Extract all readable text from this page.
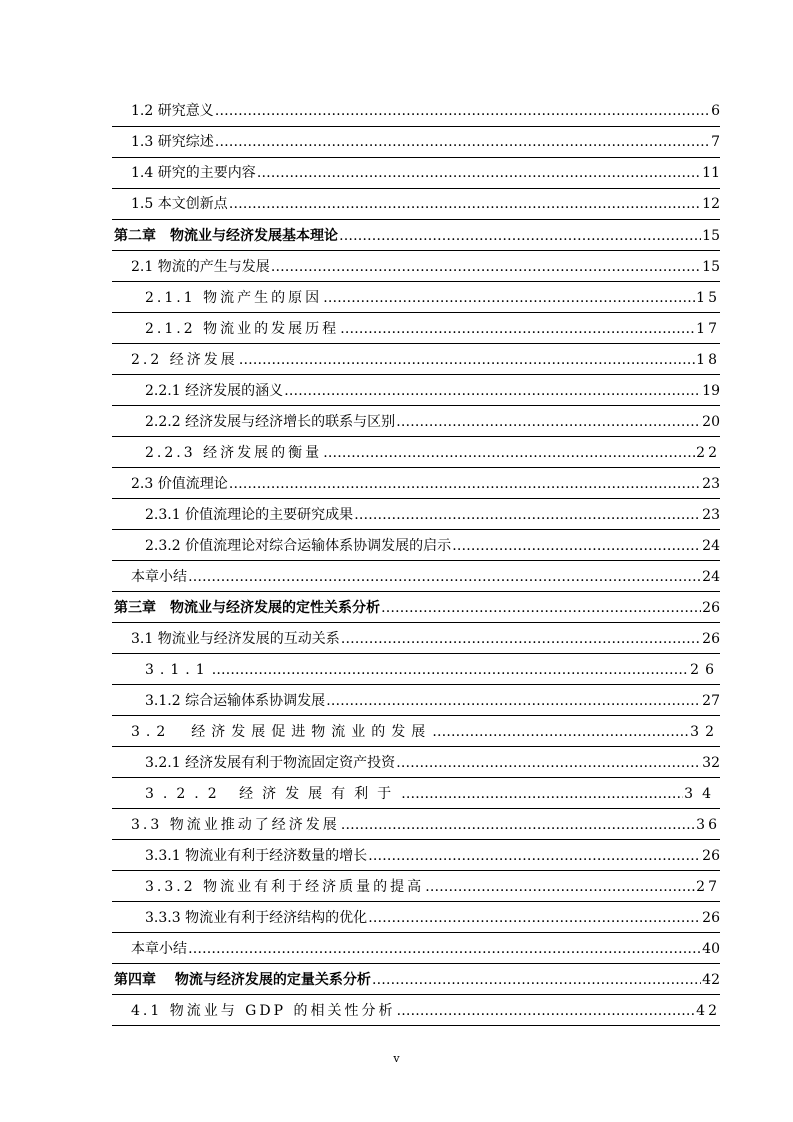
1.2 研究意义 ……………………………………………………………………………………………………………………………………………………………………………………………	6
1.3 研究综述 ……………………………………………………………………………………………………………………………………………………………………………………………	7
1.4 研究的主要内容 ……………………………………………………………………………………………………………………………………………………………………………………………	11
1.5 本文创新点 ……………………………………………………………………………………………………………………………………………………………………………………………	12
第二章　物流业与经济发展基本理论 ……………………………………………………………………………………………………………………………………………………………………………………………	15
2.1 物流的产生与发展 ……………………………………………………………………………………………………………………………………………………………………………………………	15
2.1.1 物流产生的原因 ……………………………………………………………………………………………………………………………………………………………………………………………	15
2.1.2 物流业的发展历程 ……………………………………………………………………………………………………………………………………………………………………………………………	17
2.2 经济发展 ……………………………………………………………………………………………………………………………………………………………………………………………	18
2.2.1 经济发展的涵义 ……………………………………………………………………………………………………………………………………………………………………………………………	19
2.2.2 经济发展与经济增长的联系与区别 ……………………………………………………………………………………………………………………………………………………………………………………………	20
2.2.3 经济发展的衡量 ……………………………………………………………………………………………………………………………………………………………………………………………	22
2.3 价值流理论 ……………………………………………………………………………………………………………………………………………………………………………………………	23
2.3.1 价值流理论的主要研究成果 ……………………………………………………………………………………………………………………………………………………………………………………………	23
2.3.2 价值流理论对综合运输体系协调发展的启示 ……………………………………………………………………………………………………………………………………………………………………………………………	24
本章小结 ……………………………………………………………………………………………………………………………………………………………………………………………	24
第三章　物流业与经济发展的定性关系分析 ……………………………………………………………………………………………………………………………………………………………………………………………	26
3.1 物流业与经济发展的互动关系 ……………………………………………………………………………………………………………………………………………………………………………………………	26
3.1.1 ……………………………………………………………………………………………………………………………………………………………………………………………	26
3.1.2 综合运输体系协调发展 ……………………………………………………………………………………………………………………………………………………………………………………………	27
3.2　经济发展促进物流业的发展 ……………………………………………………………………………………………………………………………………………………………………………………………	32
3.2.1 经济发展有利于物流固定资产投资 ……………………………………………………………………………………………………………………………………………………………………………………………	32
3.2.2 经济发展有利于 ……………………………………………………………………………………………………………………………………………………………………………………………	34
3.3 物流业推动了经济发展 ……………………………………………………………………………………………………………………………………………………………………………………………	36
3.3.1 物流业有利于经济数量的增长 ……………………………………………………………………………………………………………………………………………………………………………………………	26
3.3.2 物流业有利于经济质量的提高 ……………………………………………………………………………………………………………………………………………………………………………………………	27
3.3.3 物流业有利于经济结构的优化 ……………………………………………………………………………………………………………………………………………………………………………………………	26
本章小结 ……………………………………………………………………………………………………………………………………………………………………………………………	40
第四章　 物流与经济发展的定量关系分析 ……………………………………………………………………………………………………………………………………………………………………………………………	42
4.1 物流业与 GDP 的相关性分析 ……………………………………………………………………………………………………………………………………………………………………………………………	42
v
